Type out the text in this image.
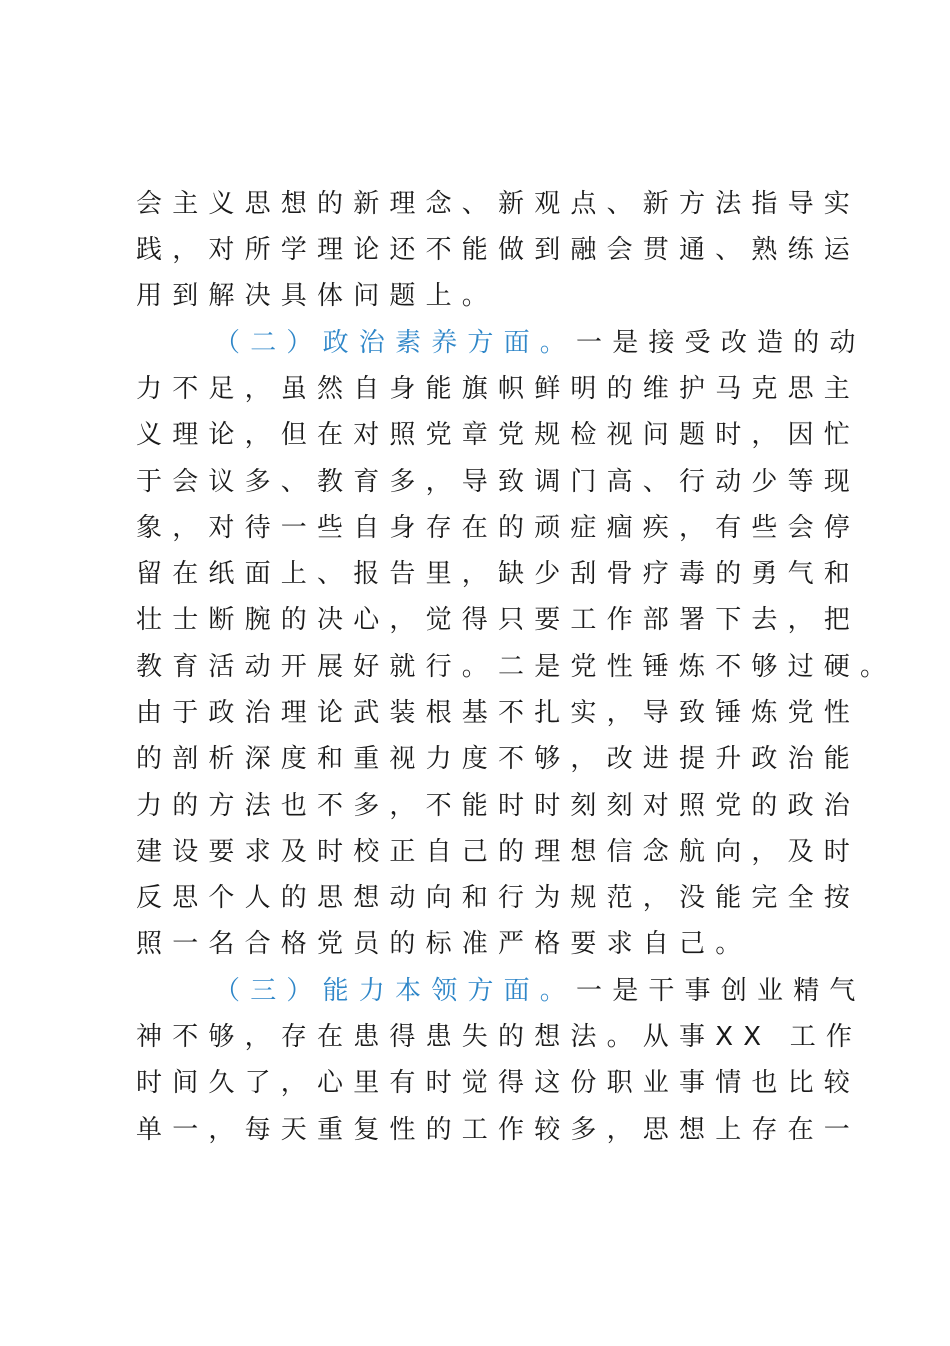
会主义思想的新理念、新观点、新方法指导实
践，对所学理论还不能做到融会贯通、熟练运
用到解决具体问题上。
（二）政治素养方面。一是接受改造的动
力不足，虽然自身能旗帜鲜明的维护马克思主
义理论，但在对照党章党规检视问题时，因忙
于会议多、教育多，导致调门高、行动少等现
象，对待一些自身存在的顽症痼疾，有些会停
留在纸面上、报告里，缺少刮骨疗毒的勇气和
壮士断腕的决心，觉得只要工作部署下去，把
教育活动开展好就行。二是党性锤炼不够过硬。
由于政治理论武装根基不扎实，导致锤炼党性
的剖析深度和重视力度不够，改进提升政治能
力的方法也不多，不能时时刻刻对照党的政治
建设要求及时校正自己的理想信念航向，及时
反思个人的思想动向和行为规范，没能完全按
照一名合格党员的标准严格要求自己。
（三）能力本领方面。一是干事创业精气
神不够，存在患得患失的想法。从事XX 工作
时间久了，心里有时觉得这份职业事情也比较
单一，每天重复性的工作较多，思想上存在一
